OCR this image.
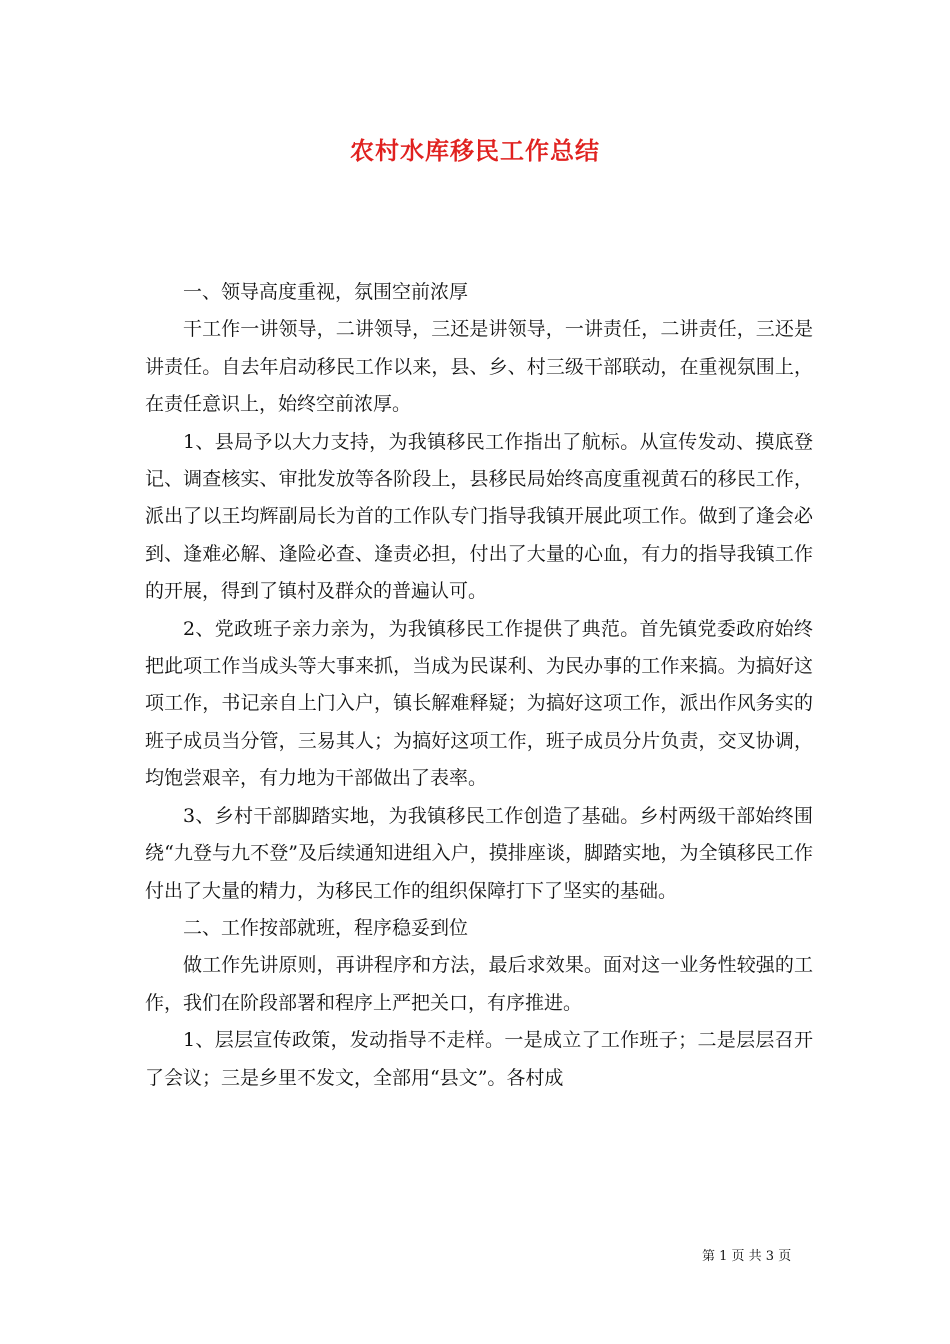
农村水库移民工作总结

一、领导高度重视，氛围空前浓厚

干工作一讲领导，二讲领导，三还是讲领导，一讲责任，二讲责任，三还是讲责任。自去年启动移民工作以来，县、乡、村三级干部联动，在重视氛围上，在责任意识上，始终空前浓厚。

1、县局予以大力支持，为我镇移民工作指出了航标。从宣传发动、摸底登记、调查核实、审批发放等各阶段上，县移民局始终高度重视黄石的移民工作，派出了以王均辉副局长为首的工作队专门指导我镇开展此项工作。做到了逢会必到、逢难必解、逢险必查、逢责必担，付出了大量的心血，有力的指导我镇工作的开展，得到了镇村及群众的普遍认可。

2、党政班子亲力亲为，为我镇移民工作提供了典范。首先镇党委政府始终把此项工作当成头等大事来抓，当成为民谋利、为民办事的工作来搞。为搞好这项工作，书记亲自上门入户，镇长解难释疑；为搞好这项工作，派出作风务实的班子成员当分管，三易其人；为搞好这项工作，班子成员分片负责，交叉协调，均饱尝艰辛，有力地为干部做出了表率。

3、乡村干部脚踏实地，为我镇移民工作创造了基础。乡村两级干部始终围绕“九登与九不登”及后续通知进组入户，摸排座谈，脚踏实地，为全镇移民工作付出了大量的精力，为移民工作的组织保障打下了坚实的基础。

二、工作按部就班，程序稳妥到位

做工作先讲原则，再讲程序和方法，最后求效果。面对这一业务性较强的工作，我们在阶段部署和程序上严把关口，有序推进。

1、层层宣传政策，发动指导不走样。一是成立了工作班子；二是层层召开了会议；三是乡里不发文，全部用“县文”。各村成

第 1 页 共 3 页
